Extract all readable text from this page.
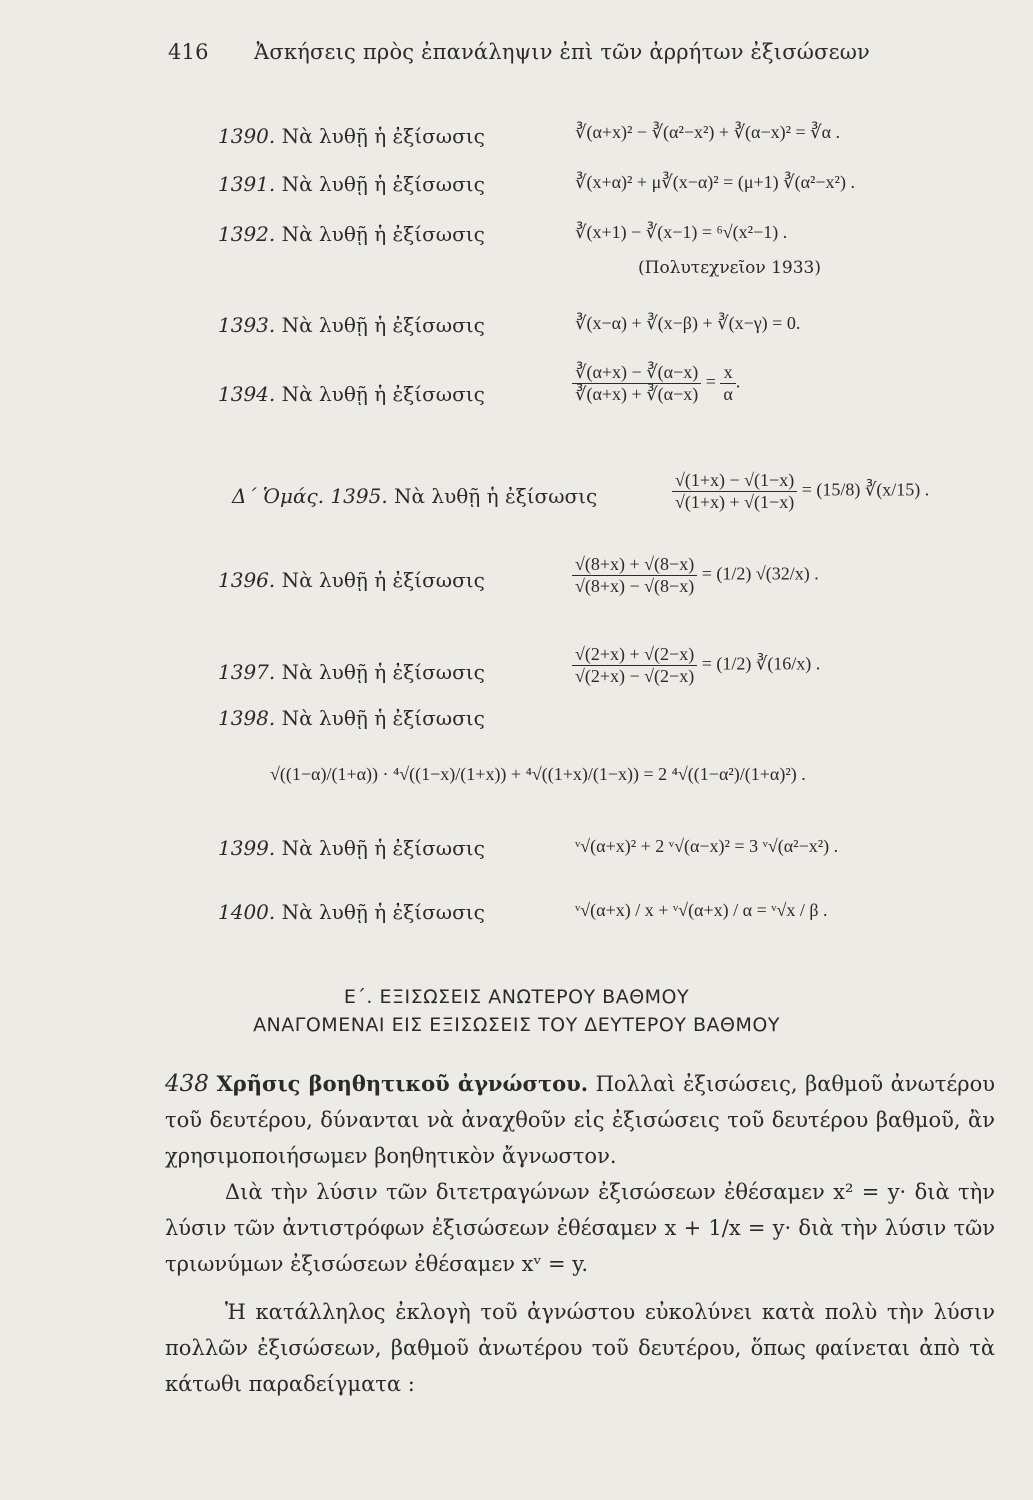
416 Ἀσκήσεις πρὸς ἐπανάληψιν ἐπὶ τῶν ἀρρήτων ἐξισώσεων
1390. Νὰ λυθῇ ἡ ἐξίσωσις	∛(α+x)² − ∛(α²−x²) + ∛(α−x)² = ∛α .
1391. Νὰ λυθῇ ἡ ἐξίσωσις	∛(x+α)² + μ∛(x−α)² = (μ+1) ∛(α²−x²) .
1392. Νὰ λυθῇ ἡ ἐξίσωσις	∛(x+1) − ∛(x−1) = ⁶√(x²−1) .
(Πολυτεχνεῖον 1933)
1393. Νὰ λυθῇ ἡ ἐξίσωσις	∛(x−α) + ∛(x−β) + ∛(x−γ) = 0.
1394. Νὰ λυθῇ ἡ ἐξίσωσις	$\frac{∛(\alpha+x) - ∛(\alpha-x)}{∛(\alpha+x) + ∛(\alpha-x)} = \frac{x}{\alpha}$ .
Δ΄ Ὁμάς. 1395. Νὰ λυθῇ ἡ ἐξίσωσις	$\frac{√(1+x) - √(1-x)}{√(1+x) + √(1-x)} = (15/8)$ ∛(x/15) .
1396. Νὰ λυθῇ ἡ ἐξίσωσις	$\frac{√(8+x) + √(8-x)}{√(8+x) - √(8-x)} = (1/2)$ √(32/x) .
1397. Νὰ λυθῇ ἡ ἐξίσωσις	$\frac{√(2+x) + √(2-x)}{√(2+x) - √(2-x)} = (1/2)$ ∛(16/x) .
1398. Νὰ λυθῇ ἡ ἐξίσωσις
√((1−α)/(1+α)) · ⁴√((1−x)/(1+x)) + ⁴√((1+x)/(1−x)) = 2 ⁴√((1−α²)/(1+α)²) .
1399. Νὰ λυθῇ ἡ ἐξίσωσις	ᵛ√(α+x)² + 2 ᵛ√(α−x)² = 3 ᵛ√(α²−x²) .
1400. Νὰ λυθῇ ἡ ἐξίσωσις	ᵛ√(α+x) / x + ᵛ√(α+x) / α = ᵛ√x / β .
Ε΄. ΕΞΙΣΩΣΕΙΣ ΑΝΩΤΕΡΟΥ ΒΑΘΜΟΥ
ΑΝΑΓΟΜΕΝΑΙ ΕΙΣ ΕΞΙΣΩΣΕΙΣ ΤΟΥ ΔΕΥΤΕΡΟΥ ΒΑΘΜΟΥ
438 Χρῆσις βοηθητικοῦ ἀγνώστου. Πολλαὶ ἐξισώσεις, βαθμοῦ ἀνωτέρου τοῦ δευτέρου, δύνανται νὰ ἀναχθοῦν εἰς ἐξισώσεις τοῦ δευτέρου βαθμοῦ, ἂν χρησιμοποιήσωμεν βοηθητικὸν ἄγνωστον.
Διὰ τὴν λύσιν τῶν διτετραγώνων ἐξισώσεων ἐθέσαμεν x² = y· διὰ τὴν λύσιν τῶν ἀντιστρόφων ἐξισώσεων ἐθέσαμεν x + 1/x = y· διὰ τὴν λύσιν τῶν τριωνύμων ἐξισώσεων ἐθέσαμεν xᵛ = y.
Ἡ κατάλληλος ἐκλογὴ τοῦ ἀγνώστου εὐκολύνει κατὰ πολὺ τὴν λύσιν πολλῶν ἐξισώσεων, βαθμοῦ ἀνωτέρου τοῦ δευτέρου, ὅπως φαίνεται ἀπὸ τὰ κάτωθι παραδείγματα :
